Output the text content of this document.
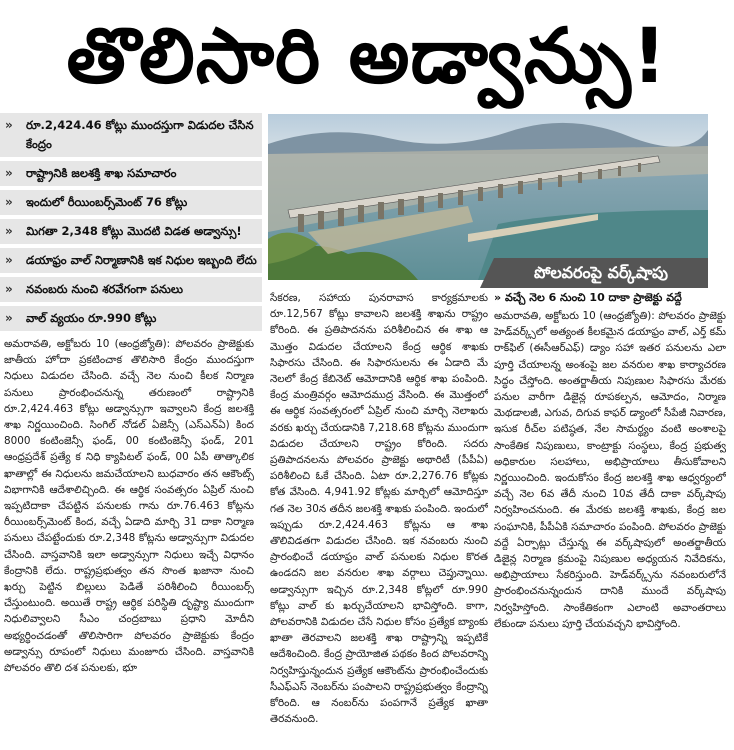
తొలిసారి అడ్వాన్సు!
» రూ.2,424.46 కోట్లు ముందస్తుగా విడుదల చేసిన కేంద్రం
» రాష్ట్రానికి జలశక్తి శాఖ సమాచారం
» ఇందులో రీయింబర్స్‌మెంట్ 76 కోట్లు
» మిగతా 2,348 కోట్లు మొదటి విడత అడ్వాన్సు!
» డయాఫ్రం వాల్ నిర్మాణానికి ఇక నిధుల ఇబ్బంది లేదు
» నవంబరు నుంచి శరవేగంగా పనులు
» వాల్ వ్యయం రూ.990 కోట్లు
పోలవరంపై వర్క్‌షాపు
» వచ్చే నెల 6 నుంచి 10 దాకా ప్రాజెక్టు వద్దే
అమరావతి, అక్టోబరు 10 (ఆంధ్రజ్యోతి): పోలవరం ప్రాజెక్టుకు జాతీయ హోదా ప్రకటించాక తొలిసారి కేంద్రం ముందస్తుగా నిధులు విడుదల చేసింది. వచ్చే నెల నుంచి కీలక నిర్మాణ పనులు ప్రారంభించనున్న తరుణంలో రాష్ట్రానికి రూ.2,424.463 కోట్లు అడ్వాన్సుగా ఇవ్వాలని కేంద్ర జలశక్తి శాఖ నిర్ణయించింది. సింగిల్ నోడల్ ఏజెన్సీ (ఎస్‌ఎన్‌ఏ) కింద 8000 కంటింజెన్సీ ఫండ్, 00 కంటింజెన్సీ ఫండ్, 201 ఆంధ్రప్రదేశ్ ప్రత్యే క నిధి క్యాపిటల్ ఫండ్, 00 ఏపీ తాత్కాలిక ఖాతాల్లో ఈ నిధులను జమచేయాలని బుధవారం తన ఆకౌంట్స్ విభాగానికి ఆదేశాలిచ్చింది. ఈ ఆర్థిక సంవత్సరం ఏప్రిల్ నుంచి ఇప్పటిదాకా చేపట్టిన పనులకు గాను రూ.76.463 కోట్లను రీయింబర్స్‌మెంట్ కింద, వచ్చే ఏడాది మార్చి 31 దాకా నిర్మాణ పనులు చేపట్టేందుకు రూ.2,348 కోట్లను అడ్వాన్సుగా విడుదల చేసింది. వాస్తవానికి ఇలా అడ్వాన్సుగా నిధులు ఇచ్చే విధానం కేంద్రానికి లేదు. రాష్ట్రప్రభుత్వం తన సొంత ఖజానా నుంచి ఖర్చు పెట్టిన బిల్లులు పెడితే పరిశీలించి రీయింబర్స్ చేస్తుంటుంది. అయితే రాష్ట్ర ఆర్థిక పరిస్థితి దృష్ట్యా ముందుగా నిధులివ్వాలని సీఎం చంద్రబాబు ప్రధాని మోదీని అభ్యర్థించడంతో తొలిసారిగా పోలవరం ప్రాజెక్టుకు కేంద్రం అడ్వాన్సు రూపంలో నిధులు మంజూరు చేసింది. వాస్తవానికి పోలవరం తొలి దశ పనులకు, భూ
సేకరణ, సహాయ పునరావాస కార్యక్రమాలకు రూ.12,567 కోట్లు కావాలని జలశక్తి శాఖను రాష్ట్రం కోరింది. ఈ ప్రతిపాదనను పరిశీలించిన ఈ శాఖ ఆ మొత్తం విడుదల చేయాలని కేంద్ర ఆర్థిక శాఖకు సిఫారసు చేసింది. ఈ సిఫారసులను ఈ ఏడాది మే నెలలో కేంద్ర కేబినెట్ ఆమోదానికి ఆర్థిక శాఖ పంపింది. కేంద్ర మంత్రివర్గం ఆమోదముద్ర వేసింది. ఈ మొత్తంలో ఈ ఆర్థిక సంవత్సరంలో ఏప్రిల్ నుంచి మార్చి నెలాఖరు వరకు ఖర్చు చేయడానికి 7,218.68 కోట్లను ముందుగా విడుదల చేయాలని రాష్ట్రం కోరింది. సదరు ప్రతిపాదనలను పోలవరం ప్రాజెక్టు అథారిటీ (పీపీఏ) పరిశీలించి ఓకే చేసింది. ఏటా రూ.2,276.76 కోట్లకు కోత వేసింది. 4,941.92 కోట్లకు మార్చిలో ఆమోదిస్తూ గత నెల 30న తదీన జలశక్తి శాఖకు పంపింది. ఇందులో ఇప్పుడు రూ.2,424.463 కోట్లను ఆ శాఖ తొలివిడతగా విడుదల చేసింది. ఇక నవంబరు నుంచి ప్రారంభించే డయాఫ్రం వాల్ పనులకు నిధుల కొరత ఉండదని జల వనరుల శాఖ వర్గాలు చెప్తున్నాయి. అడ్వాన్సుగా ఇచ్చిన రూ.2,348 కోట్లలో రూ.990 కోట్లు వాల్ కు ఖర్చుచేయాలని భావిస్తోంది. కాగా, పోలవరానికి విడుదల చేసే నిధుల కోసం ప్రత్యేక బ్యాంకు ఖాతా తెరవాలని జలశక్తి శాఖ రాష్ట్రాన్ని ఇప్పటికే ఆదేశించింది. కేంద్ర ప్రాయోజిత పథకం కింద పోలవరాన్ని నిర్వహిస్తున్నందున ప్రత్యేక ఆకౌంట్‌ను ప్రారంభించేందుకు సీఎఫ్ఎస్ నెంబర్‌ను పంపాలని రాష్ట్రప్రభుత్వం కేంద్రాన్ని కోరింది. ఆ నంబర్‌ను పంపగానే ప్రత్యేక ఖాతా తెరవనుంది.
అమరావతి, అక్టోబరు 10 (ఆంధ్రజ్యోతి): పోలవరం ప్రాజెక్టు హెడ్‌వర్క్స్‌లో అత్యంత కీలకమైన డయాఫ్రం వాల్, ఎర్త్ కమ్ రాక్‌ఫిల్ (ఈసీఆర్‌ఎఫ్) డ్యాం సహా ఇతర పనులను ఎలా పూర్తి చేయాలన్న అంశంపై జల వనరుల శాఖ కార్యాచరణ సిద్ధం చేస్తోంది. అంతర్జాతీయ నిపుణుల సిఫారసు మేరకు పనుల వారీగా డిజైన్ల రూపకల్పన, ఆమోదం, నిర్మాణ మెథడాలజీ, ఎగువ, దిగువ కాఫర్ డ్యాంలో సీపేజీ నివారణ, ఇసుక రీచ్‌ల పటిష్ఠత, నేల సామర్థ్యం వంటి అంశాలపై సాంకేతిక నిపుణులు, కాంట్రాక్టు సంస్థలు, కేంద్ర ప్రభుత్వ అధికారుల సలహాలు, అభిప్రాయాలు తీసుకోవాలని నిర్ణయించింది. ఇందుకోసం కేంద్ర జలశక్తి శాఖ ఆధ్వర్యంలో వచ్చే నెల 6వ తేదీ నుంచి 10వ తేదీ దాకా వర్క్‌షాపు నిర్వహించనుంది. ఈ మేరకు జలశక్తి శాఖకు, కేంద్ర జల సంఘానికి, పీపీఏకి సమాచారం పంపింది. పోలవరం ప్రాజెక్టు వద్దే ఏర్పాట్లు చేస్తున్న ఈ వర్క్‌షాపులో అంతర్జాతీయ డిజైన్ల నిర్మాణ క్రమంపై నిపుణుల అధ్యయన నివేదికను, అభిప్రాయాలు సేకరిస్తుంది. హెడ్‌వర్క్స్‌ను నవంబరులోనే ప్రారంభించనున్నందున దానికి ముందే వర్క్‌షాపు నిర్వహిస్తోంది. సాంకేతికంగా ఎలాంటి అవాంతరాలు లేకుండా పనులు పూర్తి చేయవచ్చని భావిస్తోంది.
